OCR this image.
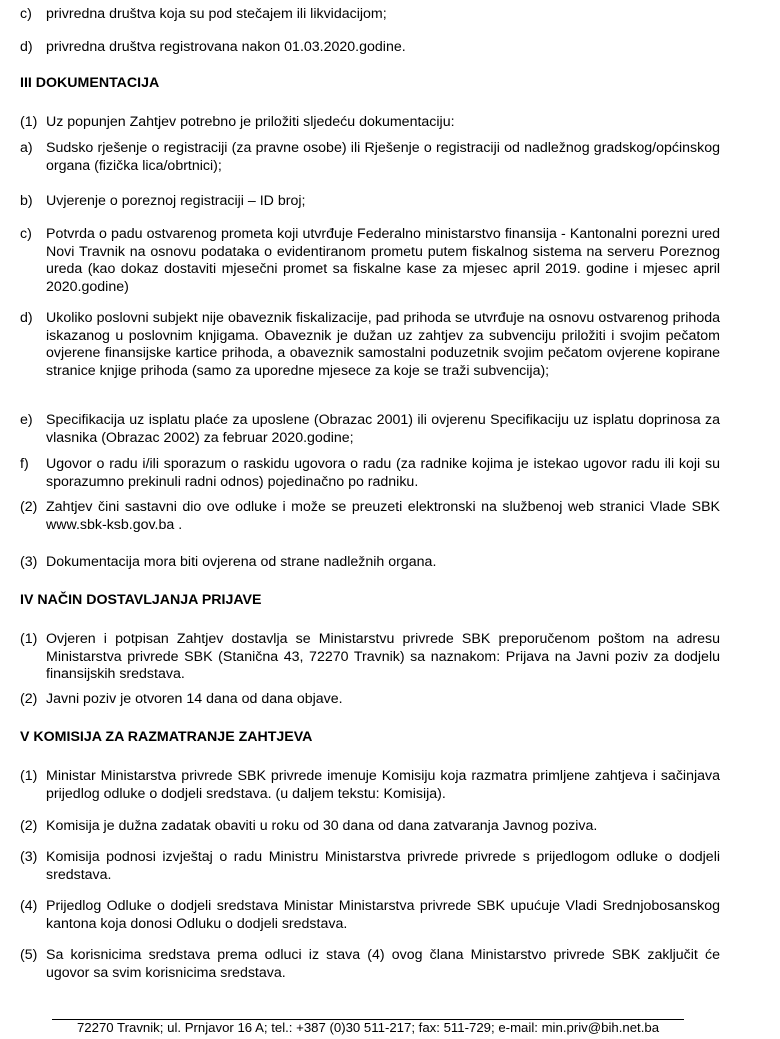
c) privredna društva koja su pod stečajem ili likvidacijom;

d) privredna društva registrovana nakon 01.03.2020.godine.

III DOKUMENTACIJA

(1) Uz popunjen Zahtjev potrebno je priložiti sljedeću dokumentaciju:

a) Sudsko rješenje o registraciji (za pravne osobe) ili Rješenje o registraciji od nadležnog gradskog/općinskog organa (fizička lica/obrtnici);

b) Uvjerenje o poreznoj registraciji – ID broj;

c) Potvrda o padu ostvarenog prometa koji utvrđuje Federalno ministarstvo finansija - Kantonalni porezni ured Novi Travnik na osnovu podataka o evidentiranom prometu putem fiskalnog sistema na serveru Poreznog ureda (kao dokaz dostaviti mjesečni promet sa fiskalne kase za mjesec april 2019. godine i mjesec april 2020.godine)

d) Ukoliko poslovni subjekt nije obaveznik fiskalizacije, pad prihoda se utvrđuje na osnovu ostvarenog prihoda iskazanog u poslovnim knjigama. Obaveznik je dužan uz zahtjev za subvenciju priložiti i svojim pečatom ovjerene finansijske kartice prihoda, a obaveznik samostalni poduzetnik svojim pečatom ovjerene kopirane stranice knjige prihoda (samo za uporedne mjesece za koje se traži subvencija);

e) Specifikacija uz isplatu plaće za uposlene (Obrazac 2001) ili ovjerenu Specifikaciju uz isplatu doprinosa za vlasnika (Obrazac 2002) za februar 2020.godine;

f)	Ugovor o radu i/ili sporazum o raskidu ugovora o radu (za radnike kojima je istekao ugovor radu ili koji su sporazumno prekinuli radni odnos) pojedinačno po radniku.

(2) Zahtjev čini sastavni dio ove odluke i može se preuzeti elektronski na službenoj web stranici Vlade SBK www.sbk-ksb.gov.ba .

(3) Dokumentacija mora biti ovjerena od strane nadležnih organa.

IV NAČIN DOSTAVLJANJA PRIJAVE

(1) Ovjeren i potpisan Zahtjev dostavlja se Ministarstvu privrede SBK preporučenom poštom na adresu Ministarstva privrede SBK (Stanična 43, 72270 Travnik) sa naznakom: Prijava na Javni poziv za dodjelu finansijskih sredstava.

(2) Javni poziv je otvoren 14 dana od dana objave.

V KOMISIJA ZA RAZMATRANJE ZAHTJEVA

(1) Ministar Ministarstva privrede SBK privrede imenuje Komisiju koja razmatra primljene zahtjeva i sačinjava prijedlog odluke o dodjeli sredstava. (u daljem tekstu: Komisija).

(2) Komisija je dužna zadatak obaviti u roku od 30 dana od dana zatvaranja Javnog poziva.

(3) Komisija podnosi izvještaj o radu Ministru Ministarstva privrede privrede s prijedlogom odluke o dodjeli sredstava.

(4) Prijedlog Odluke o dodjeli sredstava Ministar Ministarstva privrede SBK upućuje Vladi Srednjobosanskog kantona koja donosi Odluku o dodjeli sredstava.

(5) Sa korisnicima sredstava prema odluci iz stava (4) ovog člana Ministarstvo privrede SBK zaključit će ugovor sa svim korisnicima sredstava.

72270 Travnik; ul. Prnjavor 16 A; tel.: +387 (0)30 511-217; fax: 511-729; e-mail: min.priv@bih.net.ba
